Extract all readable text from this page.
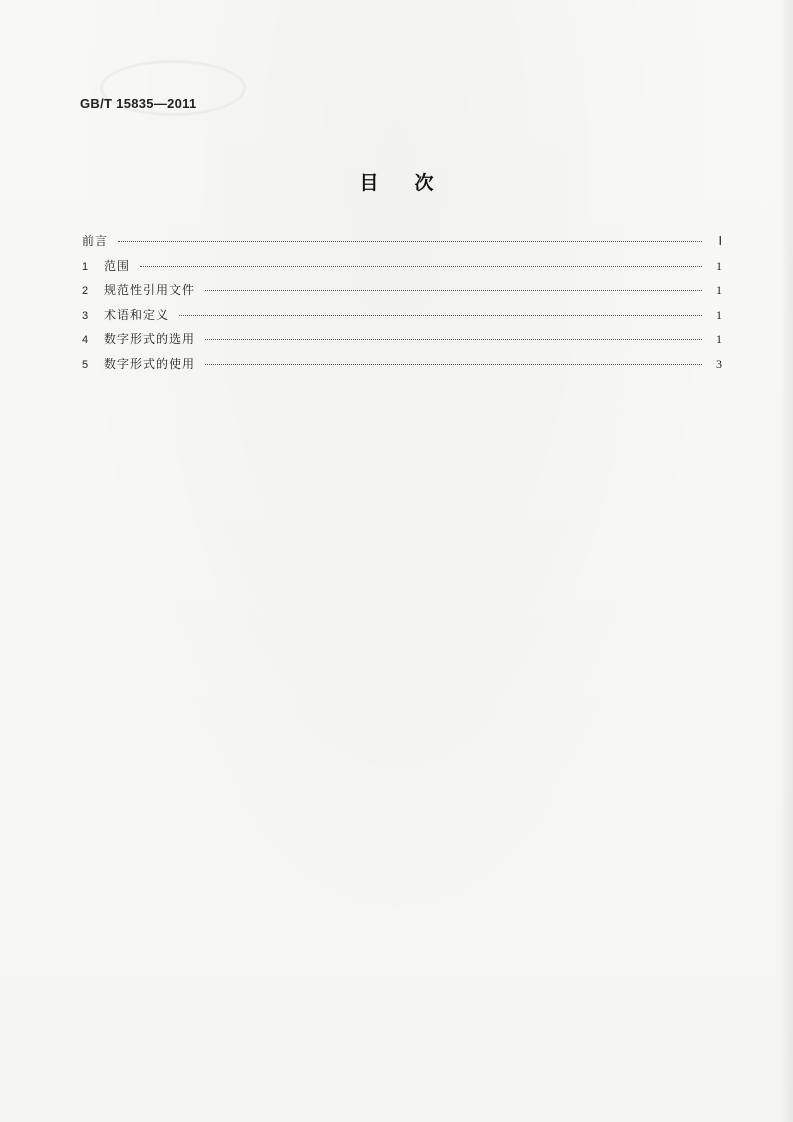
GB/T 15835—2011
目 次
前言	Ⅰ
1	范围	1
2	规范性引用文件	1
3	术语和定义	1
4	数字形式的选用	1
5	数字形式的使用	3
